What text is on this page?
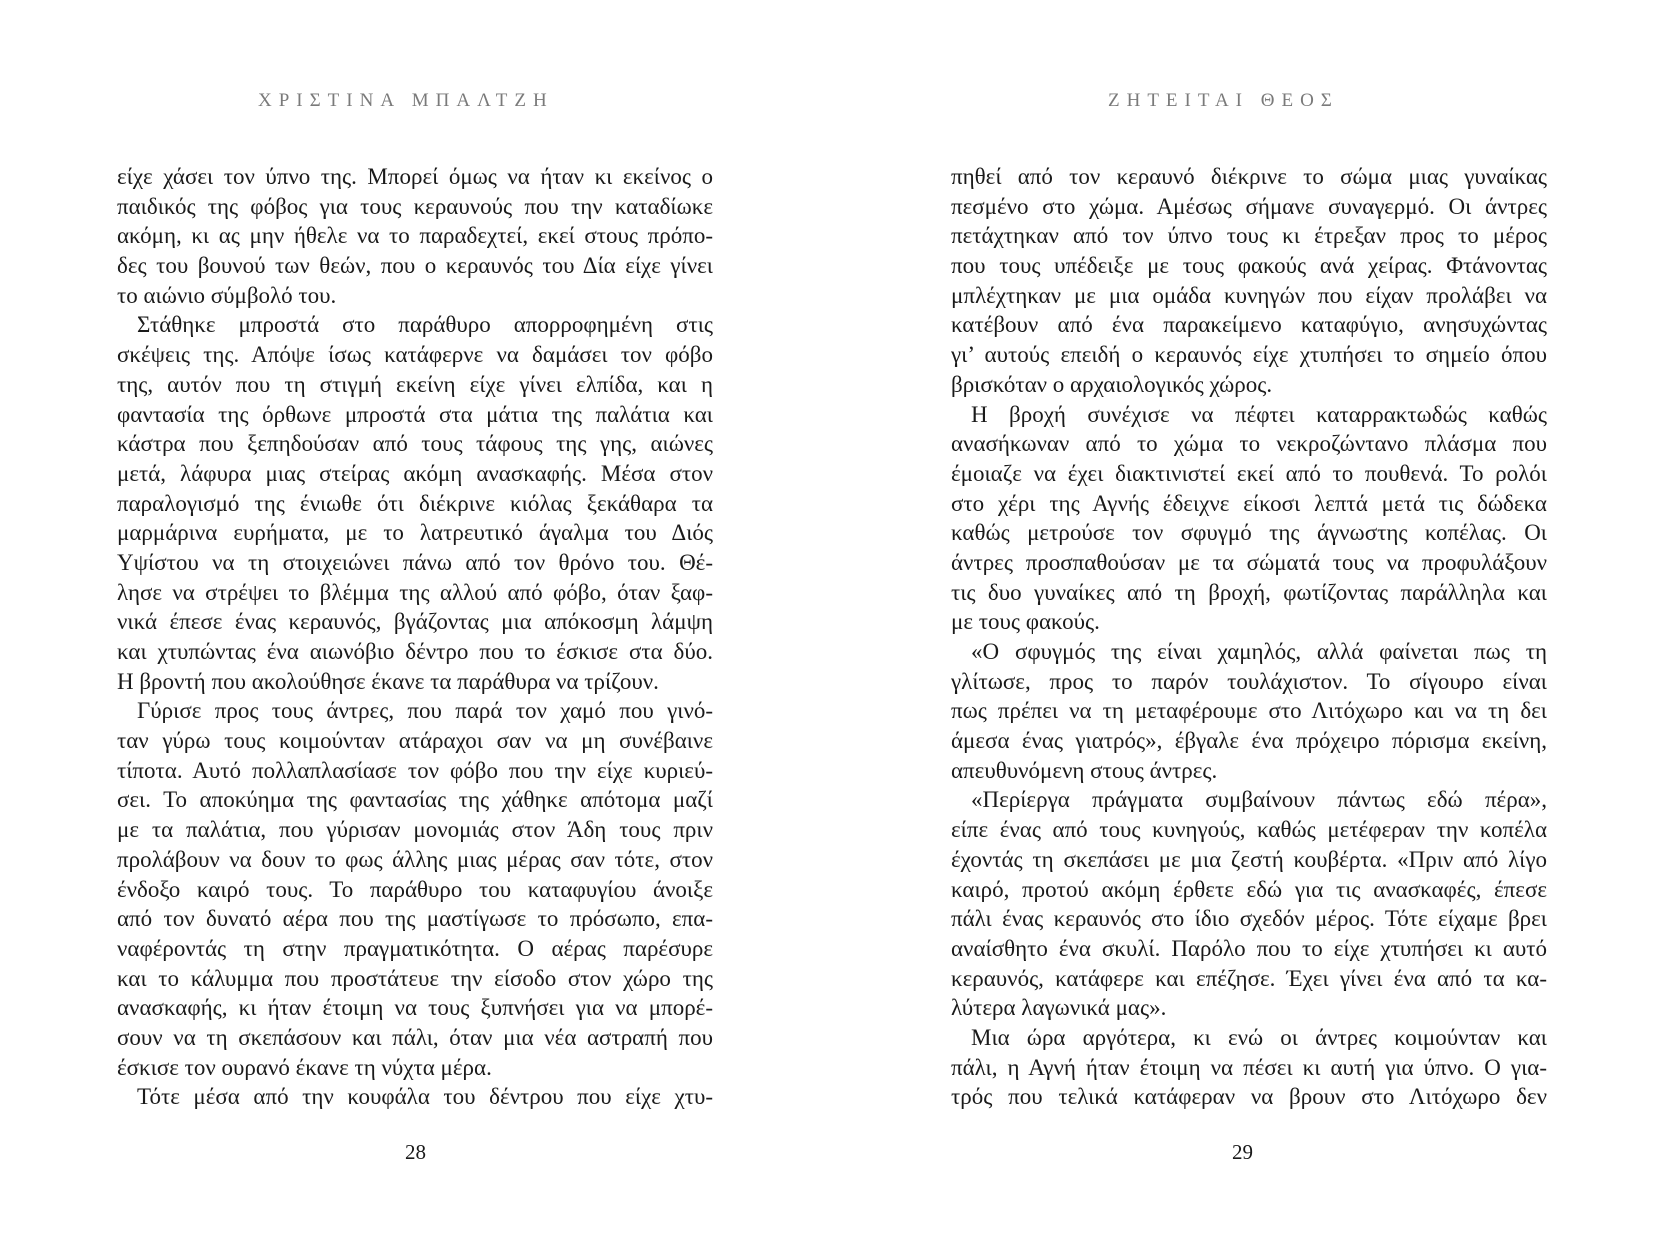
ΧΡΙΣΤΙΝΑ ΜΠΑΛΤΖΗ
είχε χάσει τον ύπνο της. Μπορεί όμως να ήταν κι εκείνος ο
παιδικός της φόβος για τους κεραυνούς που την καταδίωκε
ακόμη, κι ας μην ήθελε να το παραδεχτεί, εκεί στους πρόπο-
δες του βουνού των θεών, που ο κεραυνός του Δία είχε γίνει
το αιώνιο σύμβολό του.
Στάθηκε μπροστά στο παράθυρο απορροφημένη στις
σκέψεις της. Απόψε ίσως κατάφερνε να δαμάσει τον φόβο
της, αυτόν που τη στιγμή εκείνη είχε γίνει ελπίδα, και η
φαντασία της όρθωνε μπροστά στα μάτια της παλάτια και
κάστρα που ξεπηδούσαν από τους τάφους της γης, αιώνες
μετά, λάφυρα μιας στείρας ακόμη ανασκαφής. Μέσα στον
παραλογισμό της ένιωθε ότι διέκρινε κιόλας ξεκάθαρα τα
μαρμάρινα ευρήματα, με το λατρευτικό άγαλμα του Διός
Υψίστου να τη στοιχειώνει πάνω από τον θρόνο του. Θέ-
λησε να στρέψει το βλέμμα της αλλού από φόβο, όταν ξαφ-
νικά έπεσε ένας κεραυνός, βγάζοντας μια απόκοσμη λάμψη
και χτυπώντας ένα αιωνόβιο δέντρο που το έσκισε στα δύο.
Η βροντή που ακολούθησε έκανε τα παράθυρα να τρίζουν.
Γύρισε προς τους άντρες, που παρά τον χαμό που γινό-
ταν γύρω τους κοιμούνταν ατάραχοι σαν να μη συνέβαινε
τίποτα. Αυτό πολλαπλασίασε τον φόβο που την είχε κυριεύ-
σει. Το αποκύημα της φαντασίας της χάθηκε απότομα μαζί
με τα παλάτια, που γύρισαν μονομιάς στον Άδη τους πριν
προλάβουν να δουν το φως άλλης μιας μέρας σαν τότε, στον
ένδοξο καιρό τους. Το παράθυρο του καταφυγίου άνοιξε
από τον δυνατό αέρα που της μαστίγωσε το πρόσωπο, επα-
ναφέροντάς τη στην πραγματικότητα. Ο αέρας παρέσυρε
και το κάλυμμα που προστάτευε την είσοδο στον χώρο της
ανασκαφής, κι ήταν έτοιμη να τους ξυπνήσει για να μπορέ-
σουν να τη σκεπάσουν και πάλι, όταν μια νέα αστραπή που
έσκισε τον ουρανό έκανε τη νύχτα μέρα.
Τότε μέσα από την κουφάλα του δέντρου που είχε χτυ-
28
ΖΗΤΕΙΤΑΙ ΘΕΟΣ
πηθεί από τον κεραυνό διέκρινε το σώμα μιας γυναίκας
πεσμένο στο χώμα. Αμέσως σήμανε συναγερμό. Οι άντρες
πετάχτηκαν από τον ύπνο τους κι έτρεξαν προς το μέρος
που τους υπέδειξε με τους φακούς ανά χείρας. Φτάνοντας
μπλέχτηκαν με μια ομάδα κυνηγών που είχαν προλάβει να
κατέβουν από ένα παρακείμενο καταφύγιο, ανησυχώντας
γι’ αυτούς επειδή ο κεραυνός είχε χτυπήσει το σημείο όπου
βρισκόταν ο αρχαιολογικός χώρος.
Η βροχή συνέχισε να πέφτει καταρρακτωδώς καθώς
ανασήκωναν από το χώμα το νεκροζώντανο πλάσμα που
έμοιαζε να έχει διακτινιστεί εκεί από το πουθενά. Το ρολόι
στο χέρι της Αγνής έδειχνε είκοσι λεπτά μετά τις δώδεκα
καθώς μετρούσε τον σφυγμό της άγνωστης κοπέλας. Οι
άντρες προσπαθούσαν με τα σώματά τους να προφυλάξουν
τις δυο γυναίκες από τη βροχή, φωτίζοντας παράλληλα και
με τους φακούς.
«Ο σφυγμός της είναι χαμηλός, αλλά φαίνεται πως τη
γλίτωσε, προς το παρόν τουλάχιστον. Το σίγουρο είναι
πως πρέπει να τη μεταφέρουμε στο Λιτόχωρο και να τη δει
άμεσα ένας γιατρός», έβγαλε ένα πρόχειρο πόρισμα εκείνη,
απευθυνόμενη στους άντρες.
«Περίεργα πράγματα συμβαίνουν πάντως εδώ πέρα»,
είπε ένας από τους κυνηγούς, καθώς μετέφεραν την κοπέλα
έχοντάς τη σκεπάσει με μια ζεστή κουβέρτα. «Πριν από λίγο
καιρό, προτού ακόμη έρθετε εδώ για τις ανασκαφές, έπεσε
πάλι ένας κεραυνός στο ίδιο σχεδόν μέρος. Τότε είχαμε βρει
αναίσθητο ένα σκυλί. Παρόλο που το είχε χτυπήσει κι αυτό
κεραυνός, κατάφερε και επέζησε. Έχει γίνει ένα από τα κα-
λύτερα λαγωνικά μας».
Μια ώρα αργότερα, κι ενώ οι άντρες κοιμούνταν και
πάλι, η Αγνή ήταν έτοιμη να πέσει κι αυτή για ύπνο. Ο για-
τρός που τελικά κατάφεραν να βρουν στο Λιτόχωρο δεν
29
